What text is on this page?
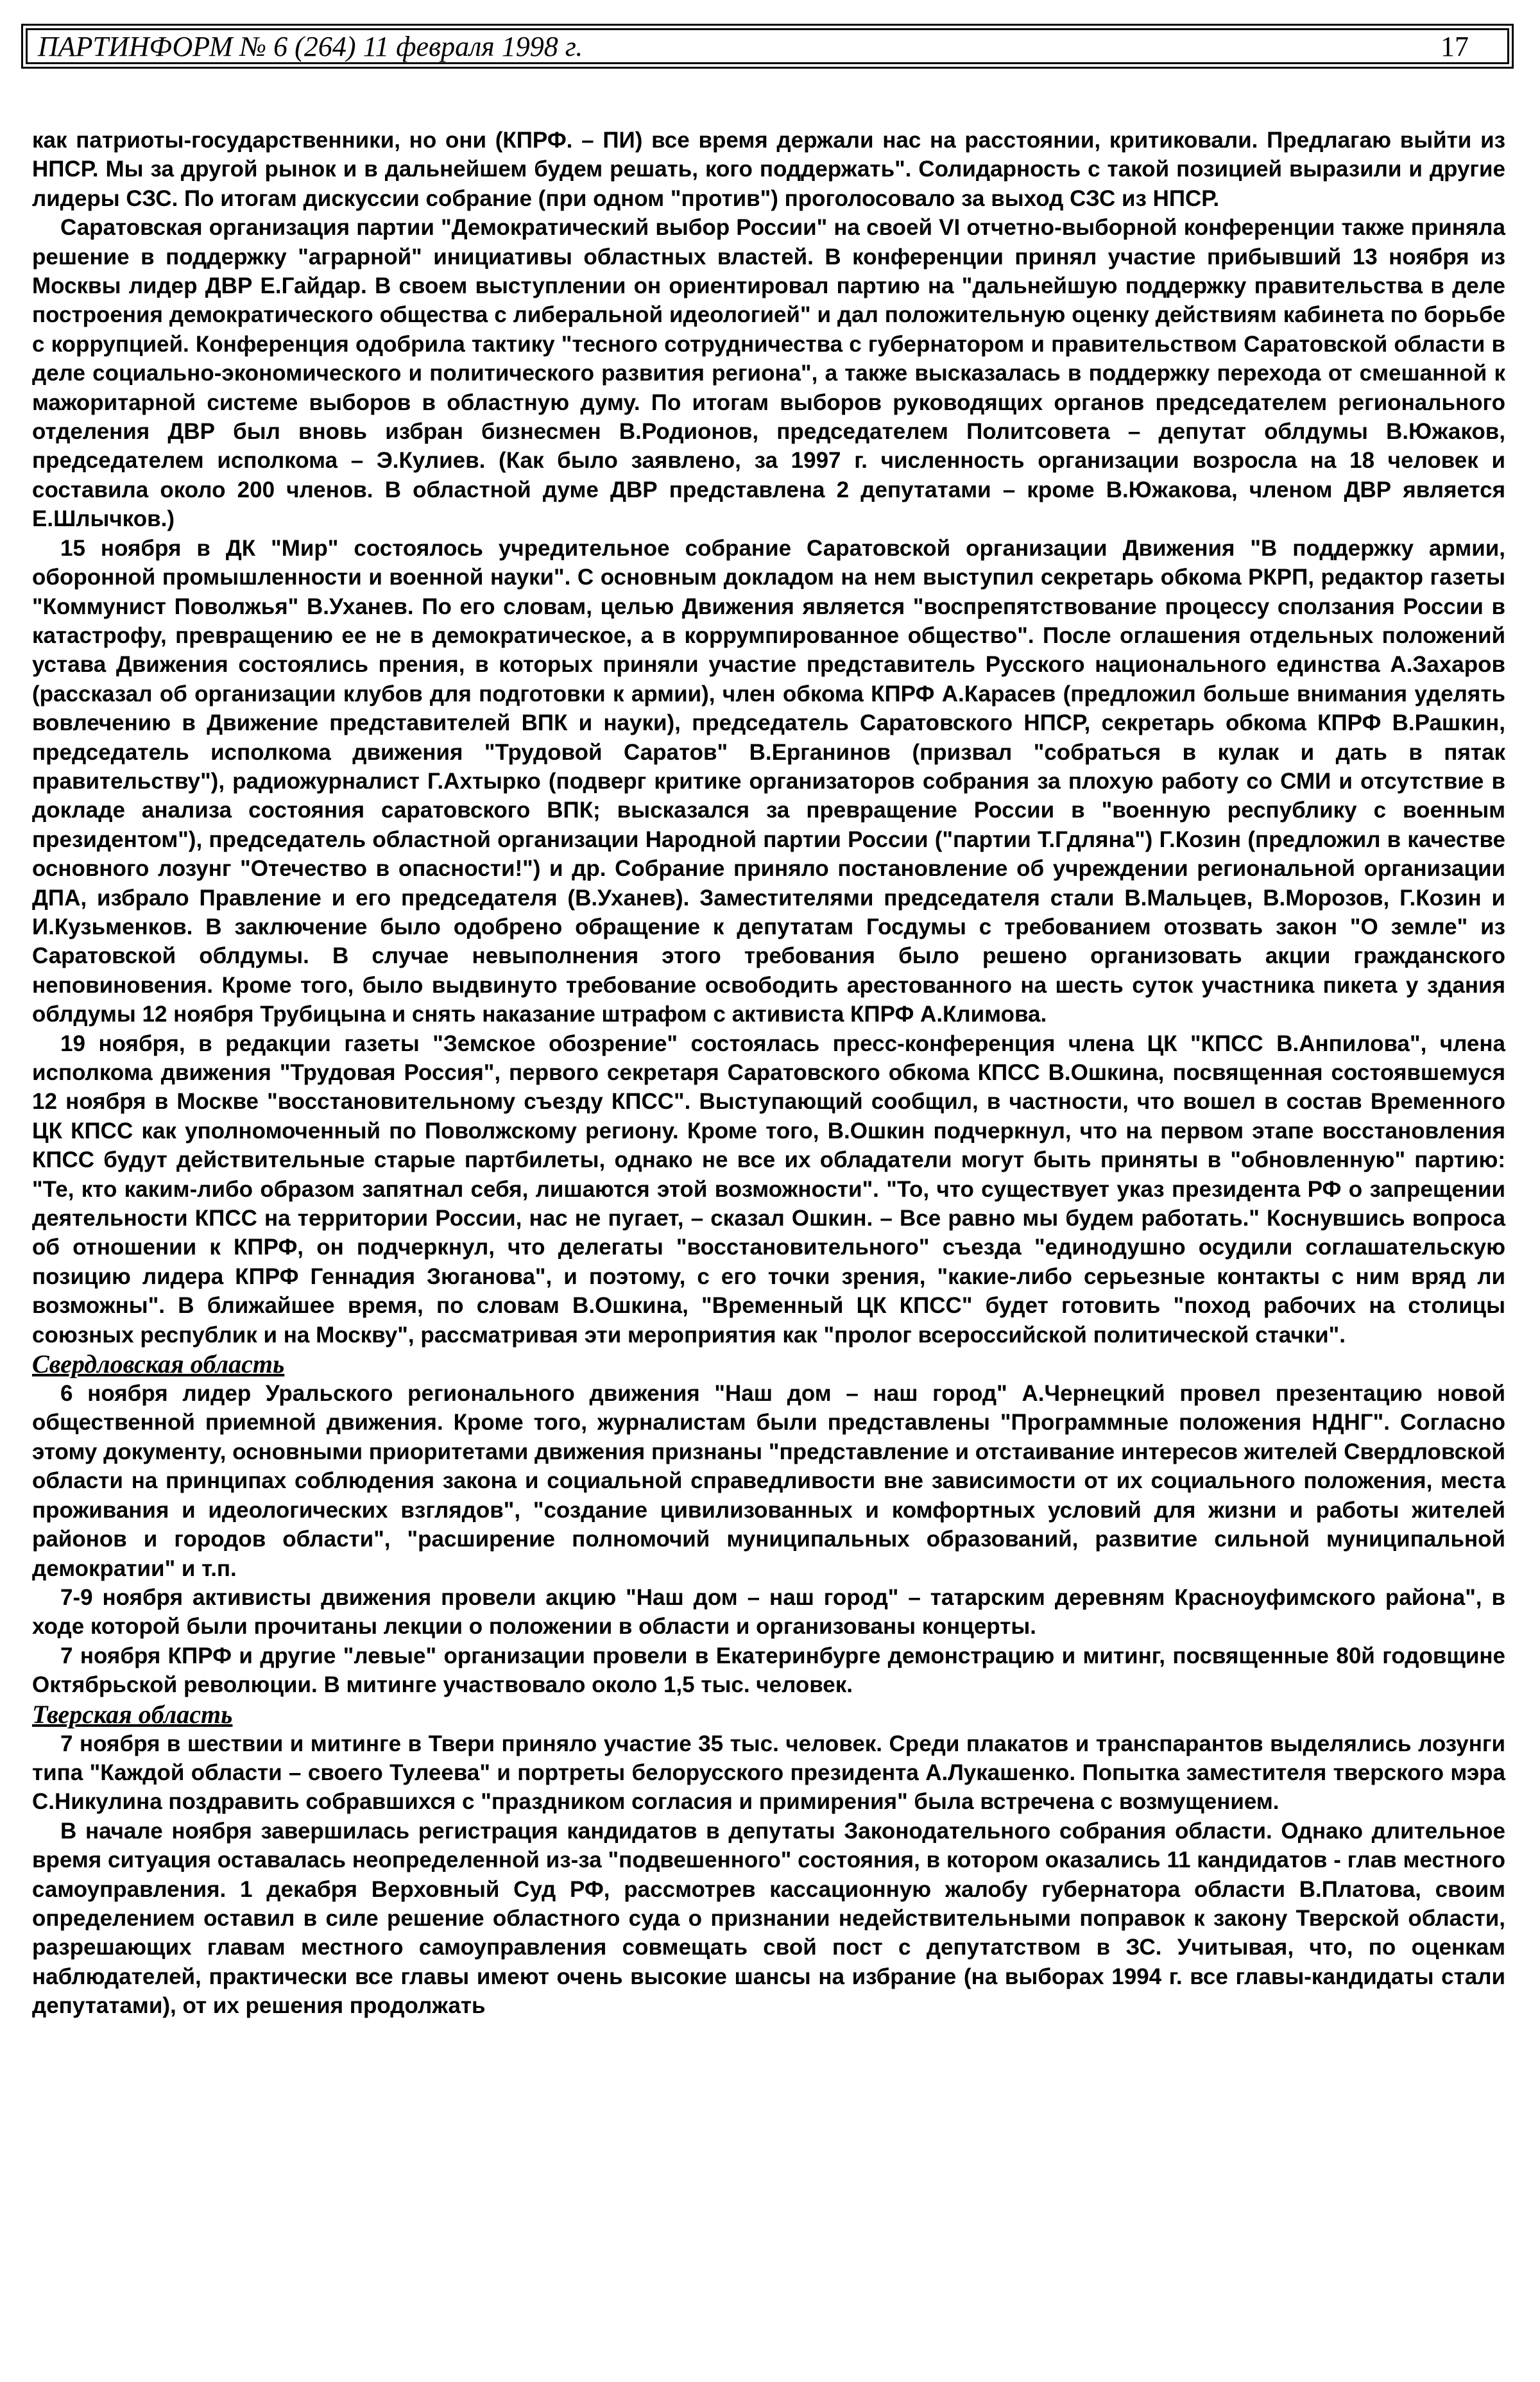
ПАРТИНФОРМ № 6 (264) 11 февраля 1998 г.	17

как патриоты-государственники, но они (КПРФ. – ПИ) все время держали нас на расстоянии, критиковали. Предлагаю выйти из НПСР. Мы за другой рынок и в дальнейшем будем решать, кого поддержать". Солидарность с такой позицией выразили и другие лидеры СЗС. По итогам дискуссии собрание (при одном "против") проголосовало за выход СЗС из НПСР.

Саратовская организация партии "Демократический выбор России" на своей VI отчетно-выборной конференции также приняла решение в поддержку "аграрной" инициативы областных властей. В конференции принял участие прибывший 13 ноября из Москвы лидер ДВР Е.Гайдар. В своем выступлении он ориентировал партию на "дальнейшую поддержку правительства в деле построения демократического общества с либеральной идеологией" и дал положительную оценку действиям кабинета по борьбе с коррупцией. Конференция одобрила тактику "тесного сотрудничества с губернатором и правительством Саратовской области в деле социально-экономического и политического развития региона", а также высказалась в поддержку перехода от смешанной к мажоритарной системе выборов в областную думу. По итогам выборов руководящих органов председателем регионального отделения ДВР был вновь избран бизнесмен В.Родионов, председателем Политсовета – депутат облдумы В.Южаков, председателем исполкома – Э.Кулиев. (Как было заявлено, за 1997 г. численность организации возросла на 18 человек и составила около 200 членов. В областной думе ДВР представлена 2 депутатами – кроме В.Южакова, членом ДВР является Е.Шлычков.)

15 ноября в ДК "Мир" состоялось учредительное собрание Саратовской организации Движения "В поддержку армии, оборонной промышленности и военной науки". С основным докладом на нем выступил секретарь обкома РКРП, редактор газеты "Коммунист Поволжья" В.Уханев. По его словам, целью Движения является "воспрепятствование процессу сползания России в катастрофу, превращению ее не в демократическое, а в коррумпированное общество". После оглашения отдельных положений устава Движения состоялись прения, в которых приняли участие представитель Русского национального единства А.Захаров (рассказал об организации клубов для подготовки к армии), член обкома КПРФ А.Карасев (предложил больше внимания уделять вовлечению в Движение представителей ВПК и науки), председатель Саратовского НПСР, секретарь обкома КПРФ В.Рашкин, председатель исполкома движения "Трудовой Саратов" В.Ерганинов (призвал "собраться в кулак и дать в пятак правительству"), радиожурналист Г.Ахтырко (подверг критике организаторов собрания за плохую работу со СМИ и отсутствие в докладе анализа состояния саратовского ВПК; высказался за превращение России в "военную республику с военным президентом"), председатель областной организации Народной партии России ("партии Т.Гдляна") Г.Козин (предложил в качестве основного лозунг "Отечество в опасности!") и др. Собрание приняло постановление об учреждении региональной организации ДПА, избрало Правление и его председателя (В.Уханев). Заместителями председателя стали В.Мальцев, В.Морозов, Г.Козин и И.Кузьменков. В заключение было одобрено обращение к депутатам Госдумы с требованием отозвать закон "О земле" из Саратовской облдумы. В случае невыполнения этого требования было решено организовать акции гражданского неповиновения. Кроме того, было выдвинуто требование освободить арестованного на шесть суток участника пикета у здания облдумы 12 ноября Трубицына и снять наказание штрафом с активиста КПРФ А.Климова.

19 ноября, в редакции газеты "Земское обозрение" состоялась пресс-конференция члена ЦК "КПСС В.Анпилова", члена исполкома движения "Трудовая Россия", первого секретаря Саратовского обкома КПСС В.Ошкина, посвященная состоявшемуся 12 ноября в Москве "восстановительному съезду КПСС". Выступающий сообщил, в частности, что вошел в состав Временного ЦК КПСС как уполномоченный по Поволжскому региону. Кроме того, В.Ошкин подчеркнул, что на первом этапе восстановления КПСС будут действительные старые партбилеты, однако не все их обладатели могут быть приняты в "обновленную" партию: "Те, кто каким-либо образом запятнал себя, лишаются этой возможности". "То, что существует указ президента РФ о запрещении деятельности КПСС на территории России, нас не пугает, – сказал Ошкин. – Все равно мы будем работать." Коснувшись вопроса об отношении к КПРФ, он подчеркнул, что делегаты "восстановительного" съезда "единодушно осудили соглашательскую позицию лидера КПРФ Геннадия Зюганова", и поэтому, с его точки зрения, "какие-либо серьезные контакты с ним вряд ли возможны". В ближайшее время, по словам В.Ошкина, "Временный ЦК КПСС" будет готовить "поход рабочих на столицы союзных республик и на Москву", рассматривая эти мероприятия как "пролог всероссийской политической стачки".

Свердловская область

6 ноября лидер Уральского регионального движения "Наш дом – наш город" А.Чернецкий провел презентацию новой общественной приемной движения. Кроме того, журналистам были представлены "Программные положения НДНГ". Согласно этому документу, основными приоритетами движения признаны "представление и отстаивание интересов жителей Свердловской области на принципах соблюдения закона и социальной справедливости вне зависимости от их социального положения, места проживания и идеологических взглядов", "создание цивилизованных и комфортных условий для жизни и работы жителей районов и городов области", "расширение полномочий муниципальных образований, развитие сильной муниципальной демократии" и т.п.

7-9 ноября активисты движения провели акцию "Наш дом – наш город" – татарским деревням Красноуфимского района", в ходе которой были прочитаны лекции о положении в области и организованы концерты.

7 ноября КПРФ и другие "левые" организации провели в Екатеринбурге демонстрацию и митинг, посвященные 80й годовщине Октябрьской революции. В митинге участвовало около 1,5 тыс. человек.

Тверская область

7 ноября в шествии и митинге в Твери приняло участие 35 тыс. человек. Среди плакатов и транспарантов выделялись лозунги типа "Каждой области – своего Тулеева" и портреты белорусского президента А.Лукашенко. Попытка заместителя тверского мэра С.Никулина поздравить собравшихся с "праздником согласия и примирения" была встречена с возмущением.

В начале ноября завершилась регистрация кандидатов в депутаты Законодательного собрания области. Однако длительное время ситуация оставалась неопределенной из-за "подвешенного" состояния, в котором оказались 11 кандидатов - глав местного самоуправления. 1 декабря Верховный Суд РФ, рассмотрев кассационную жалобу губернатора области В.Платова, своим определением оставил в силе решение областного суда о признании недействительными поправок к закону Тверской области, разрешающих главам местного самоуправления совмещать свой пост с депутатством в ЗС. Учитывая, что, по оценкам наблюдателей, практически все главы имеют очень высокие шансы на избрание (на выборах 1994 г. все главы-кандидаты стали депутатами), от их решения продолжать
